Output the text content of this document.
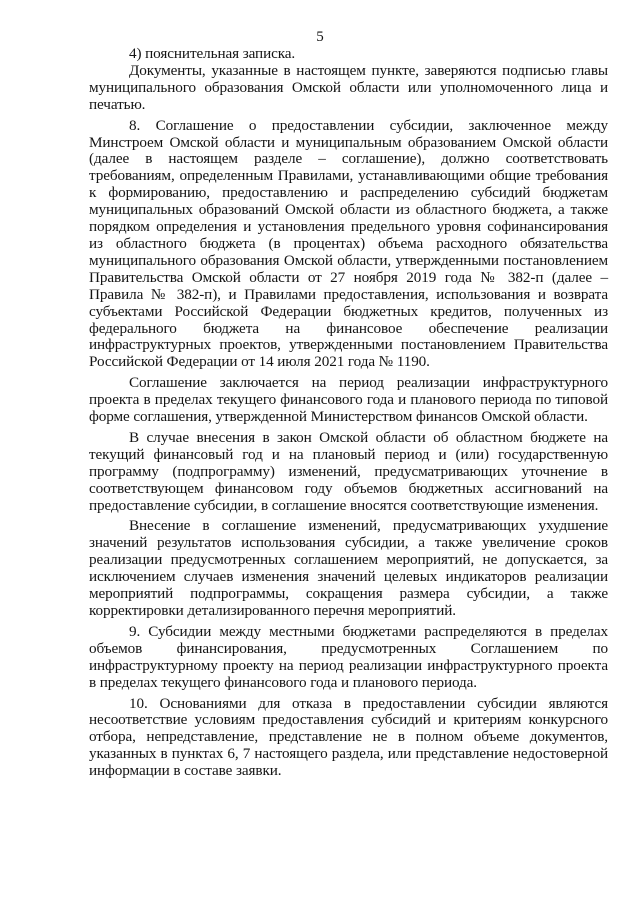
5

4) пояснительная записка.

Документы, указанные в настоящем пункте, заверяются подписью главы муниципального образования Омской области или уполномоченного лица и печатью.

8. Соглашение о предоставлении субсидии, заключенное между Минстроем Омской области и муниципальным образованием Омской области (далее в настоящем разделе – соглашение), должно соответствовать требованиям, определенным Правилами, устанавливающими общие требования к формированию, предоставлению и распределению субсидий бюджетам муниципальных образований Омской области из областного бюджета, а также порядком определения и установления предельного уровня софинансирования из областного бюджета (в процентах) объема расходного обязательства муниципального образования Омской области, утвержденными постановлением Правительства Омской области от 27 ноября 2019 года № 382-п (далее – Правила № 382-п), и Правилами предоставления, использования и возврата субъектами Российской Федерации бюджетных кредитов, полученных из федерального бюджета на финансовое обеспечение реализации инфраструктурных проектов, утвержденными постановлением Правительства Российской Федерации от 14 июля 2021 года № 1190.

Соглашение заключается на период реализации инфраструктурного проекта в пределах текущего финансового года и планового периода по типовой форме соглашения, утвержденной Министерством финансов Омской области.

В случае внесения в закон Омской области об областном бюджете на текущий финансовый год и на плановый период и (или) государственную программу (подпрограмму) изменений, предусматривающих уточнение в соответствующем финансовом году объемов бюджетных ассигнований на предоставление субсидии, в соглашение вносятся соответствующие изменения.

Внесение в соглашение изменений, предусматривающих ухудшение значений результатов использования субсидии, а также увеличение сроков реализации предусмотренных соглашением мероприятий, не допускается, за исключением случаев изменения значений целевых индикаторов реализации мероприятий подпрограммы, сокращения размера субсидии, а также корректировки детализированного перечня мероприятий.

9. Субсидии между местными бюджетами распределяются в пределах объемов финансирования, предусмотренных Соглашением по инфраструктурному проекту на период реализации инфраструктурного проекта в пределах текущего финансового года и планового периода.

10. Основаниями для отказа в предоставлении субсидии являются несоответствие условиям предоставления субсидий и критериям конкурсного отбора, непредставление, представление не в полном объеме документов, указанных в пунктах 6, 7 настоящего раздела, или представление недостоверной информации в составе заявки.
